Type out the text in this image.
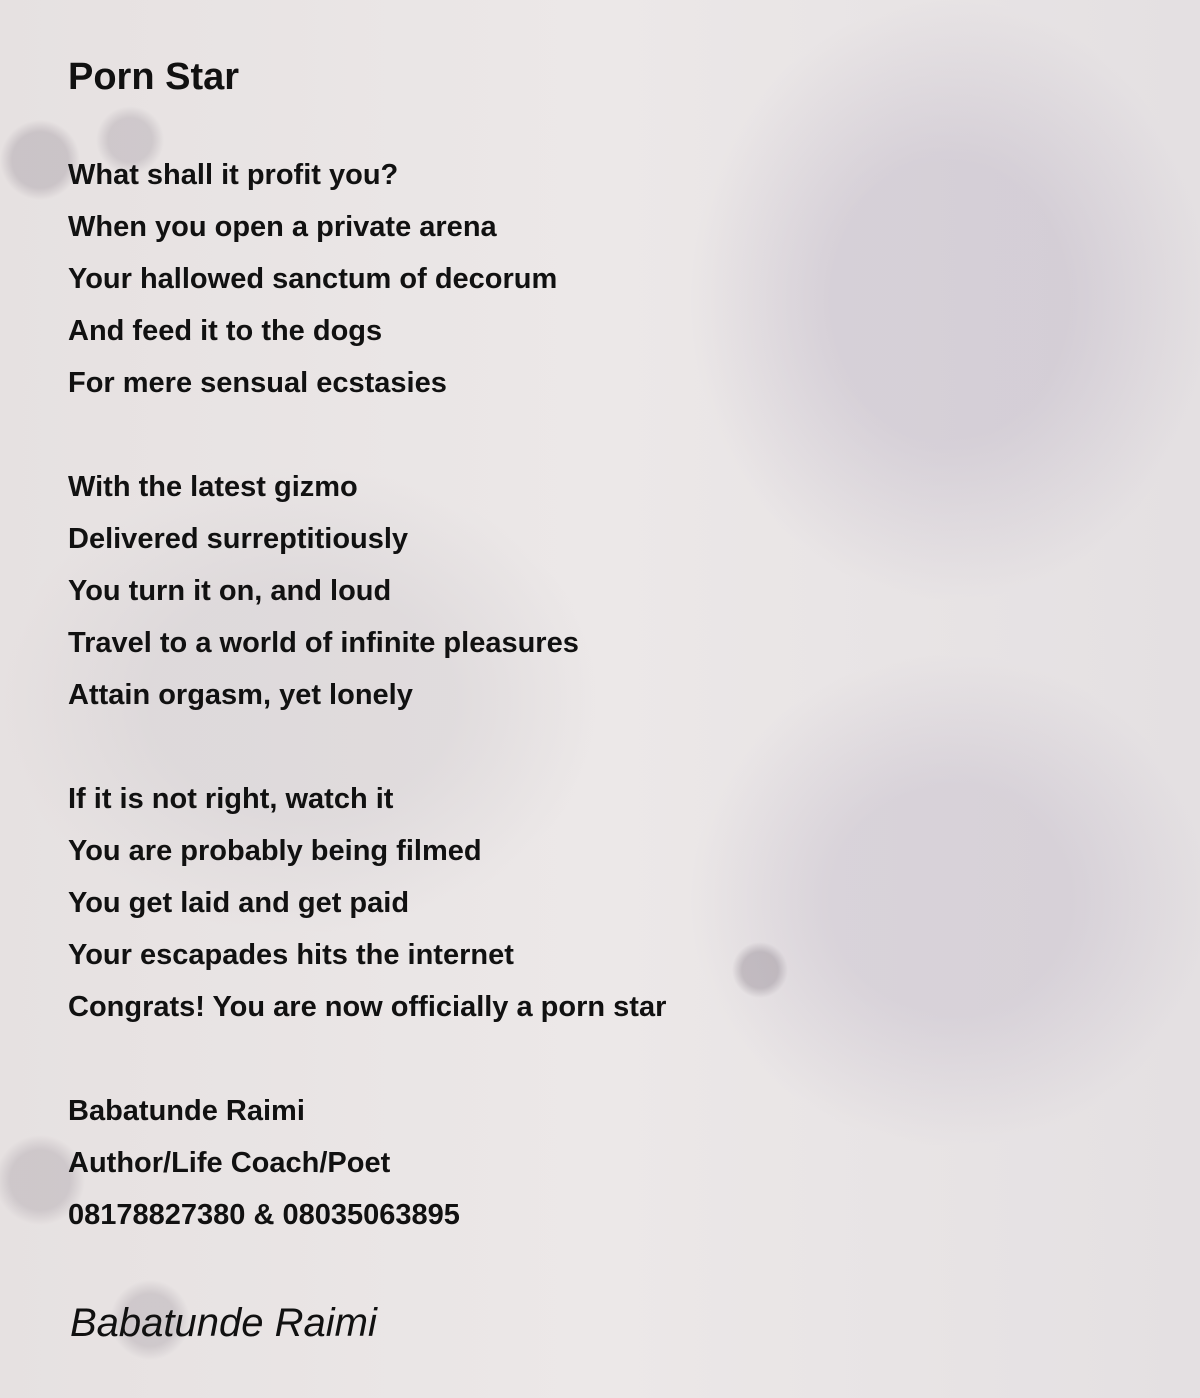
Porn Star
What shall it profit you?
When you open a private arena
Your hallowed sanctum of decorum
And feed it to the dogs
For mere sensual ecstasies
With the latest gizmo
Delivered surreptitiously
You turn it on, and loud
Travel to a world of infinite pleasures
Attain orgasm, yet lonely
If it is not right, watch it
You are probably being filmed
You get laid and get paid
Your escapades hits the internet
Congrats! You are now officially a porn star
Babatunde Raimi
Author/Life Coach/Poet
08178827380 & 08035063895
Babatunde Raimi
